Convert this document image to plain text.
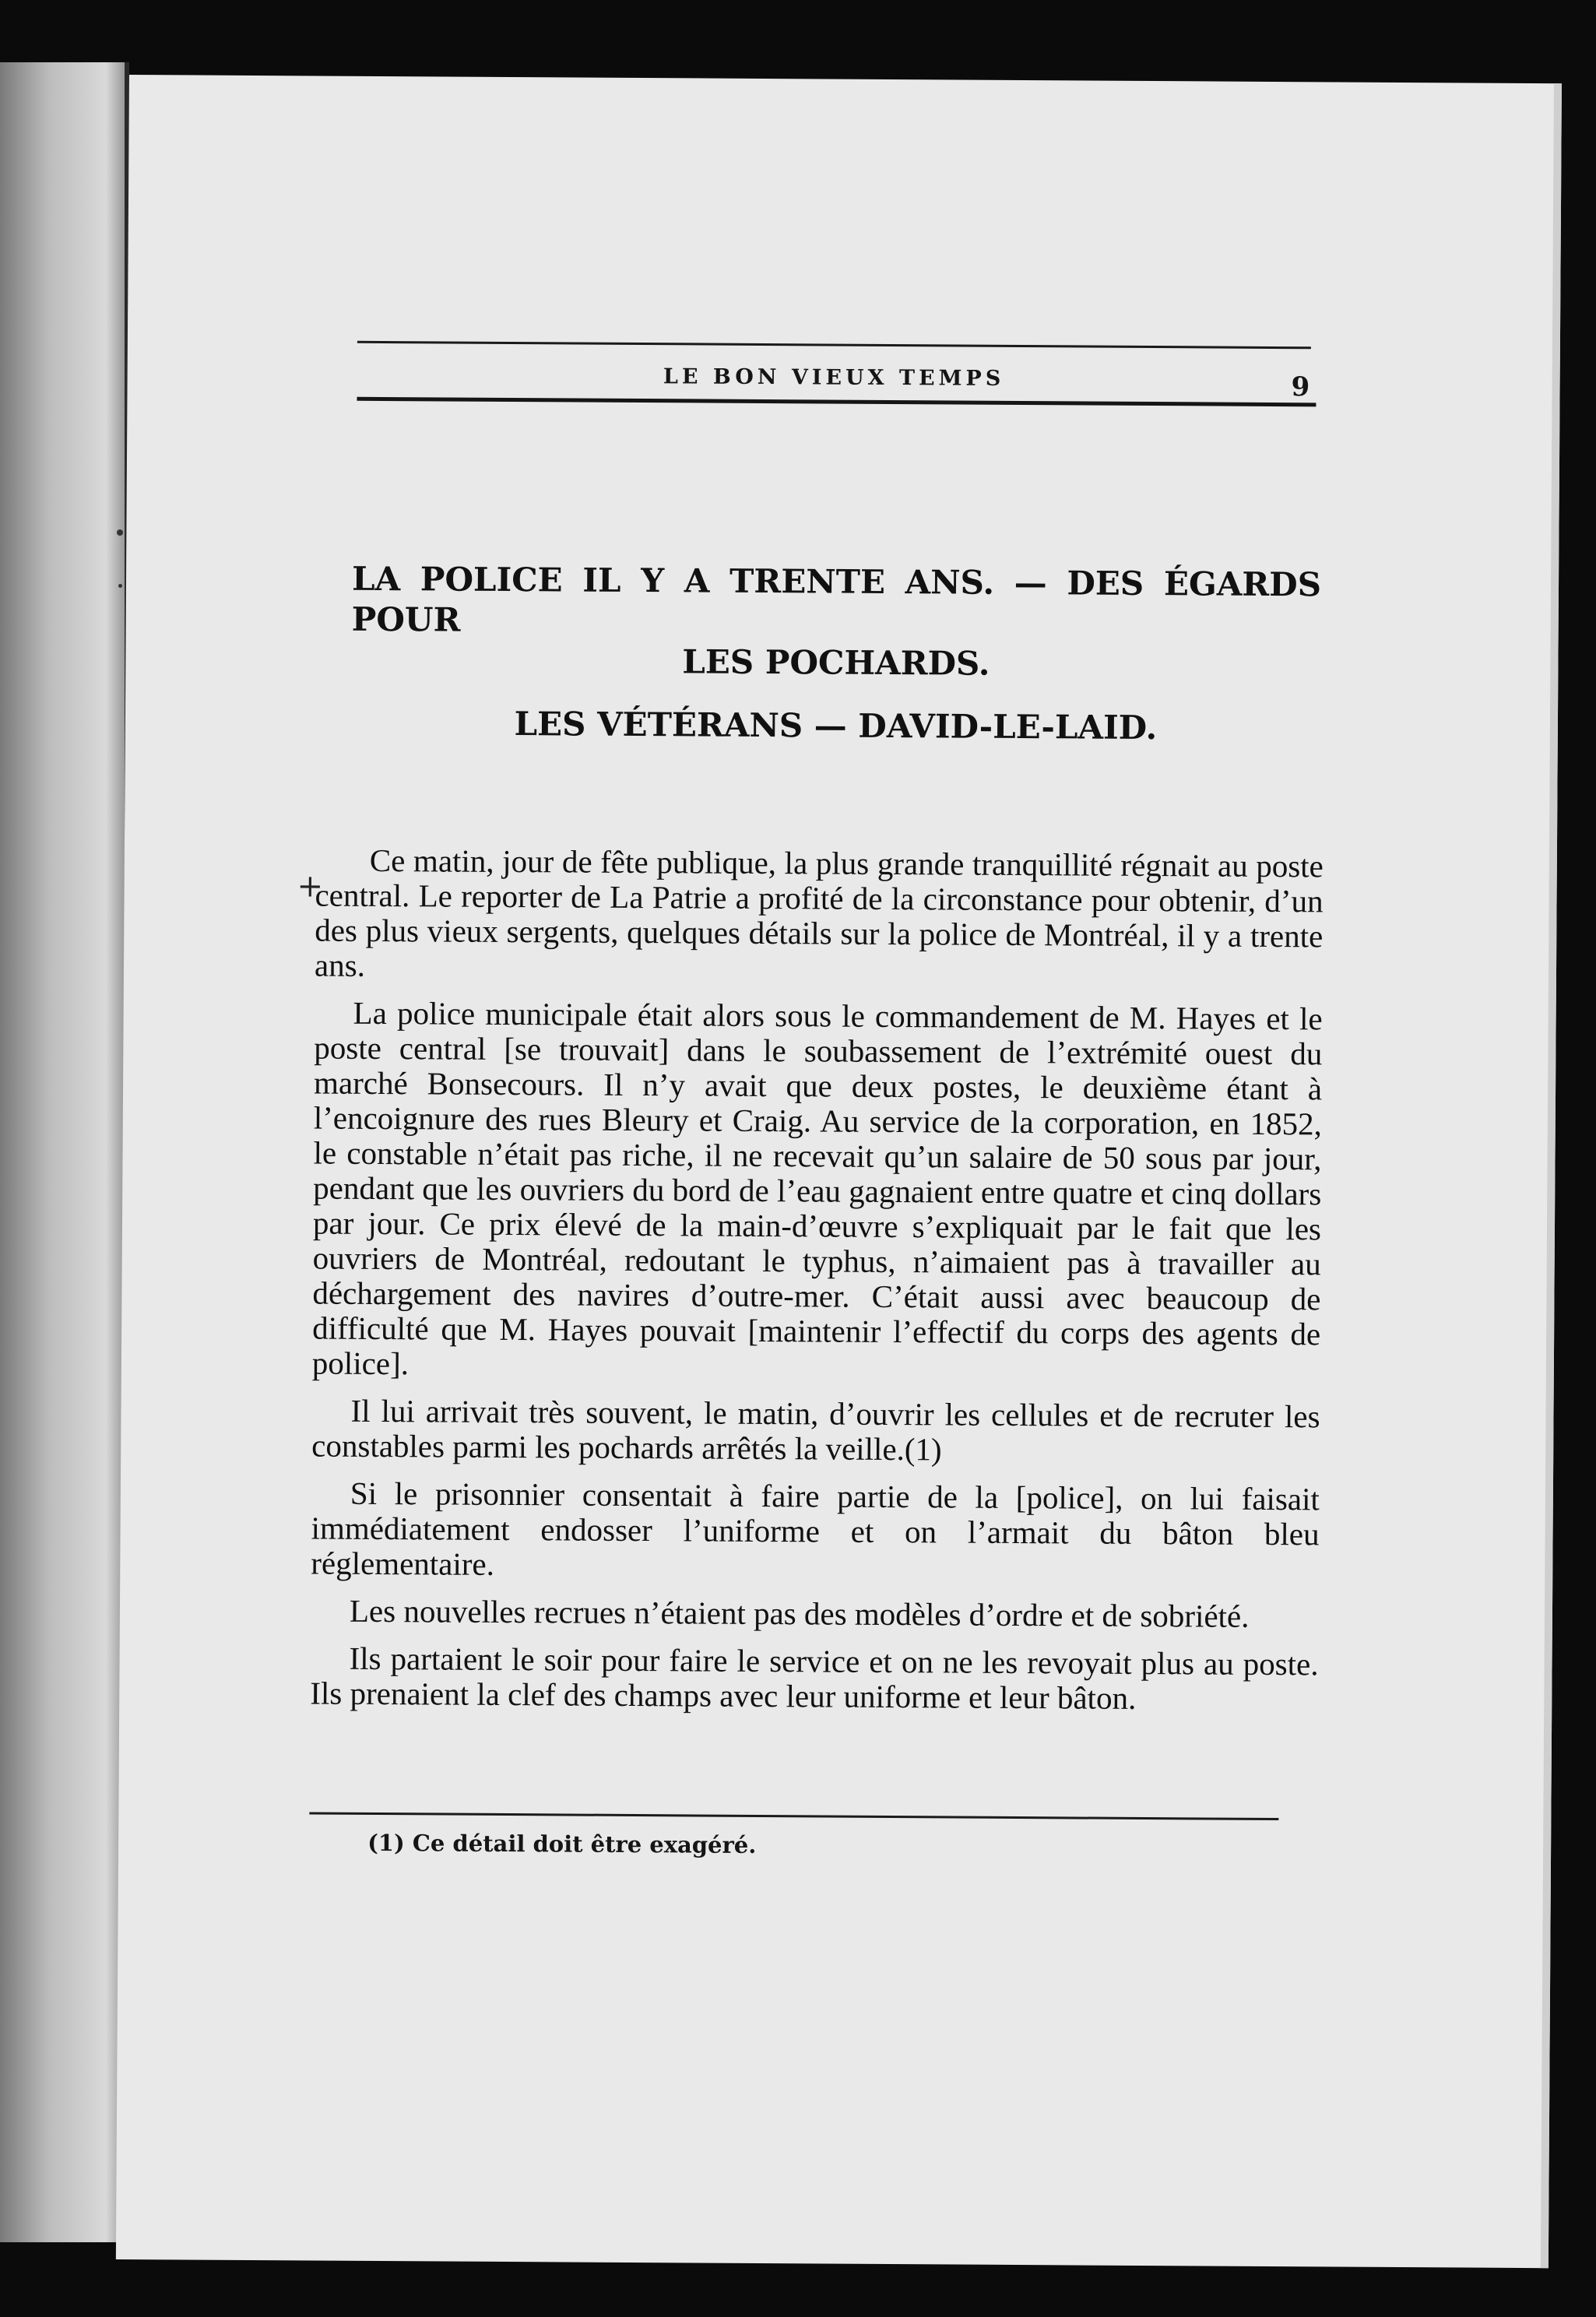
LE BON VIEUX TEMPS	9
LA POLICE IL Y A TRENTE ANS. — DES ÉGARDS POUR
LES POCHARDS.
LES VÉTÉRANS — DAVID-LE-LAID.
+

Ce matin, jour de fête publique, la plus grande tranquillité régnait au poste central. Le reporter de La Patrie a profité de la circonstance pour obtenir, d’un des plus vieux sergents, quelques détails sur la police de Montréal, il y a trente ans.

La police municipale était alors sous le commandement de M. Hayes et le poste central [se trouvait] dans le soubassement de l’extrémité ouest du marché Bonsecours. Il n’y avait que deux postes, le deuxième étant à l’encoignure des rues Bleury et Craig. Au service de la corporation, en 1852, le constable n’était pas riche, il ne recevait qu’un salaire de 50 sous par jour, pendant que les ouvriers du bord de l’eau gagnaient entre quatre et cinq dollars par jour. Ce prix élevé de la main-d’œuvre s’expliquait par le fait que les ouvriers de Montréal, redoutant le typhus, n’aimaient pas à travailler au déchargement des navires d’outre-mer. C’était aussi avec beaucoup de difficulté que M. Hayes pouvait [maintenir l’effectif du corps des agents de police].

Il lui arrivait très souvent, le matin, d’ouvrir les cellules et de recruter les constables parmi les pochards arrêtés la veille.(1)

Si le prisonnier consentait à faire partie de la [police], on lui faisait immédiatement endosser l’uniforme et on l’armait du bâton bleu réglementaire.

Les nouvelles recrues n’étaient pas des modèles d’ordre et de sobriété.

Ils partaient le soir pour faire le service et on ne les revoyait plus au poste. Ils prenaient la clef des champs avec leur uniforme et leur bâton.

(1) Ce détail doit être exagéré.
